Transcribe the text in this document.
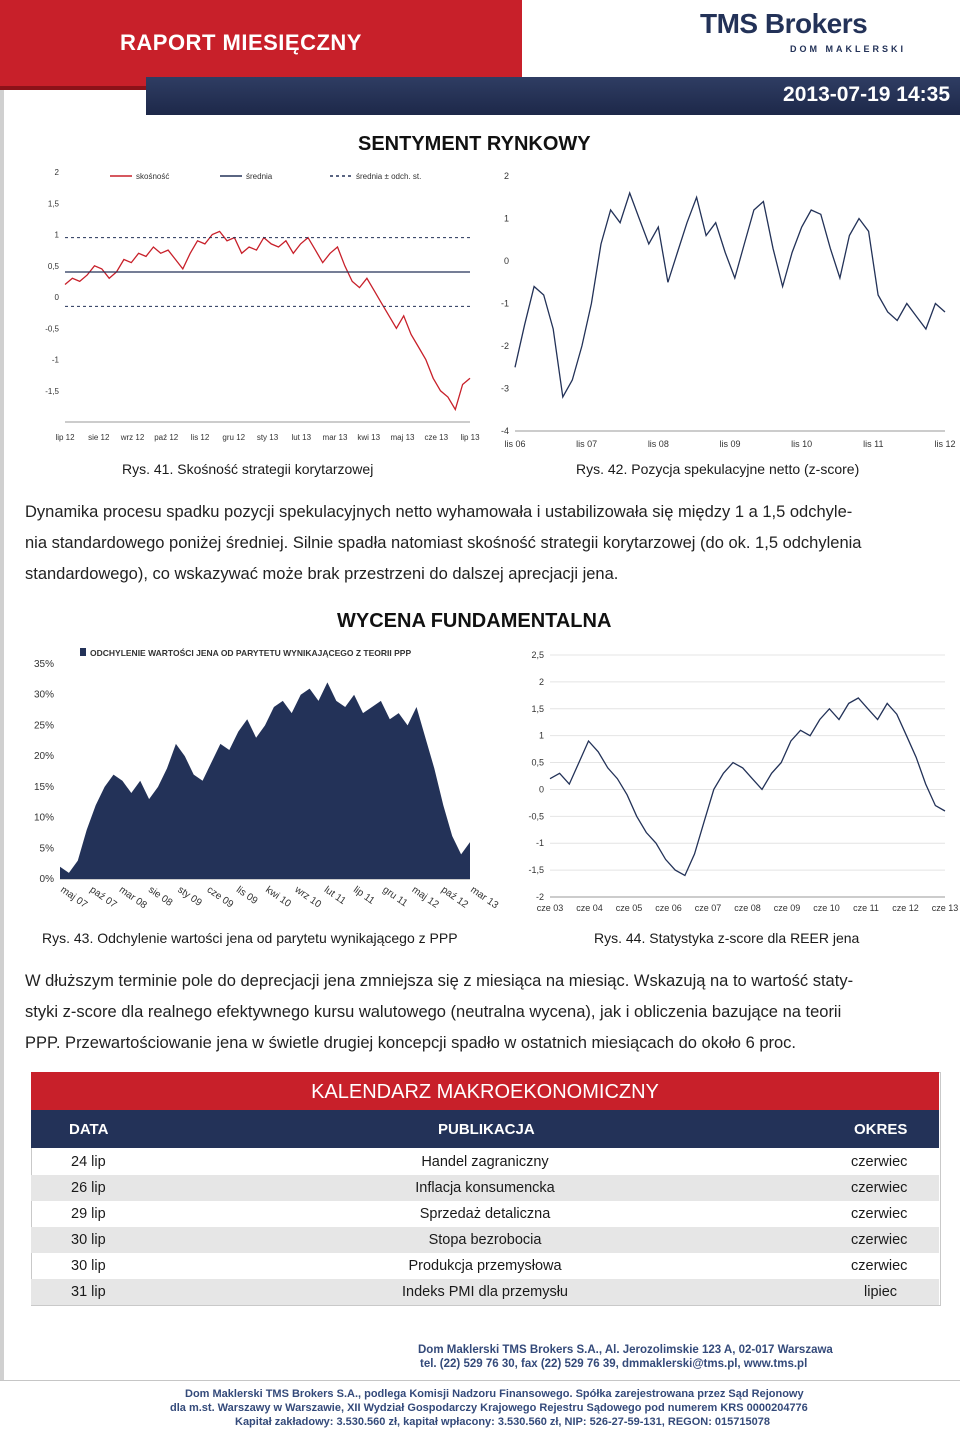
RAPORT MIESIĘCZNY
2013-07-19 14:35
TMS Brokers
DOM MAKLERSKI
SENTYMENT RYNKOWY
2
1,5
1
0,5
0
-0,5
-1
-1,5
lip 12 sie 12 wrz 12 paź 12 lis 12 gru 12 sty 13 lut 13 mar 13 kwi 13 maj 13 cze 13 lip 13
skośność	średnia	średnia ± odch. st.	2
1
0
-1
-2
-3
-4
lis 06	lis 07	lis 08	lis 09	lis 10	lis 11	lis 12
Rys. 41. Skośność strategii korytarzowej	Rys. 42. Pozycja spekulacyjne netto (z-score)
Dynamika procesu spadku pozycji spekulacyjnych netto wyhamowała i ustabilizowała się między 1 a 1,5 odchyle-
nia standardowego poniżej średniej. Silnie spadła natomiast skośność strategii korytarzowej (do ok. 1,5 odchylenia
standardowego), co wskazywać może brak przestrzeni do dalszej aprecjacji jena.
WYCENA FUNDAMENTALNA
ODCHYLENIE WARTOŚCI JENA OD PARYTETU WYNIKAJĄCEGO Z TEORII PPP
35%
30%
25%
20%
15%
10%
5%
0%
maj 07
paź 07
mar 08
sie 08 sty 09 cze 09
lis 09 kwi 10 wrz 10
lut 11 lip 11 gru 11 maj 12
paź 12
mar 13
2,5
2
1,5
1
0,5
0
-0,5
-1
-1,5
-2
cze 03 cze 04 cze 05 cze 06 cze 07 cze 08 cze 09 cze 10 cze 11 cze 12 cze 13
Rys. 43. Odchylenie wartości jena od parytetu wynikającego z PPP	Rys. 44. Statystyka z-score dla REER jena
W dłuższym terminie pole do deprecjacji jena zmniejsza się z miesiąca na miesiąc. Wskazują na to wartość staty-
styki z-score dla realnego efektywnego kursu walutowego (neutralna wycena), jak i obliczenia bazujące na teorii
PPP. Przewartościowanie jena w świetle drugiej koncepcji spadło w ostatnich miesiącach do około 6 proc.
KALENDARZ MAKROEKONOMICZNY
DATA	PUBLIKACJA	OKRES
24 lip	Handel zagraniczny	czerwiec
26 lip	Inflacja konsumencka	czerwiec
29 lip	Sprzedaż detaliczna	czerwiec
30 lip	Stopa bezrobocia	czerwiec
30 lip	Produkcja przemysłowa	czerwiec
31 lip	Indeks PMI dla przemysłu	lipiec
Dom Maklerski TMS Brokers S.A., Al. Jerozolimskie 123 A, 02-017 Warszawa
tel. (22) 529 76 30, fax (22) 529 76 39, dmmaklerski@tms.pl, www.tms.pl
Dom Maklerski TMS Brokers S.A., podlega Komisji Nadzoru Finansowego. Spółka zarejestrowana przez Sąd Rejonowy
dla m.st. Warszawy w Warszawie, XII Wydział Gospodarczy Krajowego Rejestru Sądowego pod numerem KRS 0000204776
Kapitał zakładowy: 3.530.560 zł, kapitał wpłacony: 3.530.560 zł, NIP: 526-27-59-131, REGON: 015715078
